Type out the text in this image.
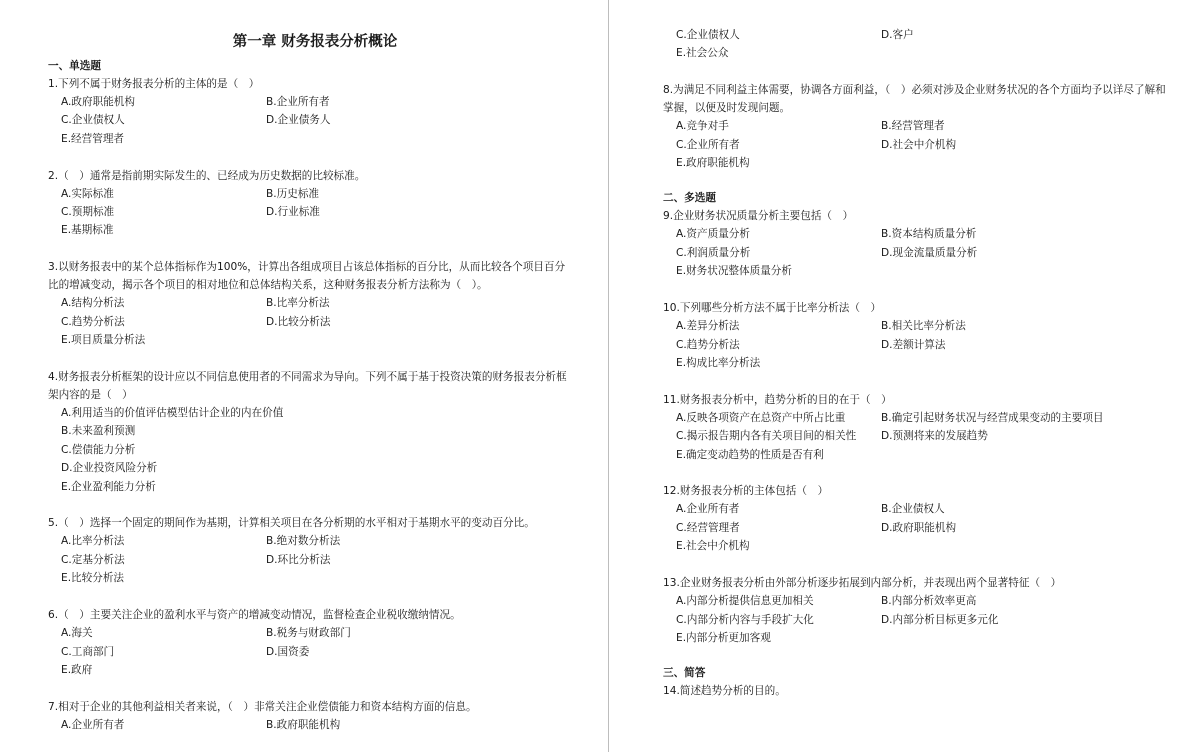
第一章 财务报表分析概论
一、单选题
1.下列不属于财务报表分析的主体的是（　）
A.政府职能机构	B.企业所有者
C.企业债权人	D.企业债务人
E.经营管理者
2.（　）通常是指前期实际发生的、已经成为历史数据的比较标准。
A.实际标准	B.历史标准
C.预期标准	D.行业标准
E.基期标准
3.以财务报表中的某个总体指标作为100%，计算出各组成项目占该总体指标的百分比，从而比较各个项目百分比的增减变动，揭示各个项目的相对地位和总体结构关系，这种财务报表分析方法称为（　）。
A.结构分析法	B.比率分析法
C.趋势分析法	D.比较分析法
E.项目质量分析法
4.财务报表分析框架的设计应以不同信息使用者的不同需求为导向。下列不属于基于投资决策的财务报表分析框架内容的是（　）
A.利用适当的价值评估模型估计企业的内在价值
B.未来盈利预测
C.偿债能力分析
D.企业投资风险分析
E.企业盈利能力分析
5.（　）选择一个固定的期间作为基期，计算相关项目在各分析期的水平相对于基期水平的变动百分比。
A.比率分析法	B.绝对数分析法
C.定基分析法	D.环比分析法
E.比较分析法
6.（　）主要关注企业的盈利水平与资产的增减变动情况，监督检查企业税收缴纳情况。
A.海关	B.税务与财政部门
C.工商部门	D.国资委
E.政府
7.相对于企业的其他利益相关者来说，（　）非常关注企业偿债能力和资本结构方面的信息。
A.企业所有者	B.政府职能机构
C.企业债权人	D.客户
E.社会公众
8.为满足不同利益主体需要，协调各方面利益，（　）必须对涉及企业财务状况的各个方面均予以详尽了解和掌握，以便及时发现问题。
A.竞争对手	B.经营管理者
C.企业所有者	D.社会中介机构
E.政府职能机构
二、多选题
9.企业财务状况质量分析主要包括（　）
A.资产质量分析	B.资本结构质量分析
C.利润质量分析	D.现金流量质量分析
E.财务状况整体质量分析
10.下列哪些分析方法不属于比率分析法（　）
A.差异分析法	B.相关比率分析法
C.趋势分析法	D.差额计算法
E.构成比率分析法
11.财务报表分析中，趋势分析的目的在于（　）
A.反映各项资产在总资产中所占比重	B.确定引起财务状况与经营成果变动的主要项目
C.揭示报告期内各有关项目间的相关性	D.预测将来的发展趋势
E.确定变动趋势的性质是否有利
12.财务报表分析的主体包括（　）
A.企业所有者	B.企业债权人
C.经营管理者	D.政府职能机构
E.社会中介机构
13.企业财务报表分析由外部分析逐步拓展到内部分析，并表现出两个显著特征（　）
A.内部分析提供信息更加相关	B.内部分析效率更高
C.内部分析内容与手段扩大化	D.内部分析目标更多元化
E.内部分析更加客观
三、简答
14.简述趋势分析的目的。
